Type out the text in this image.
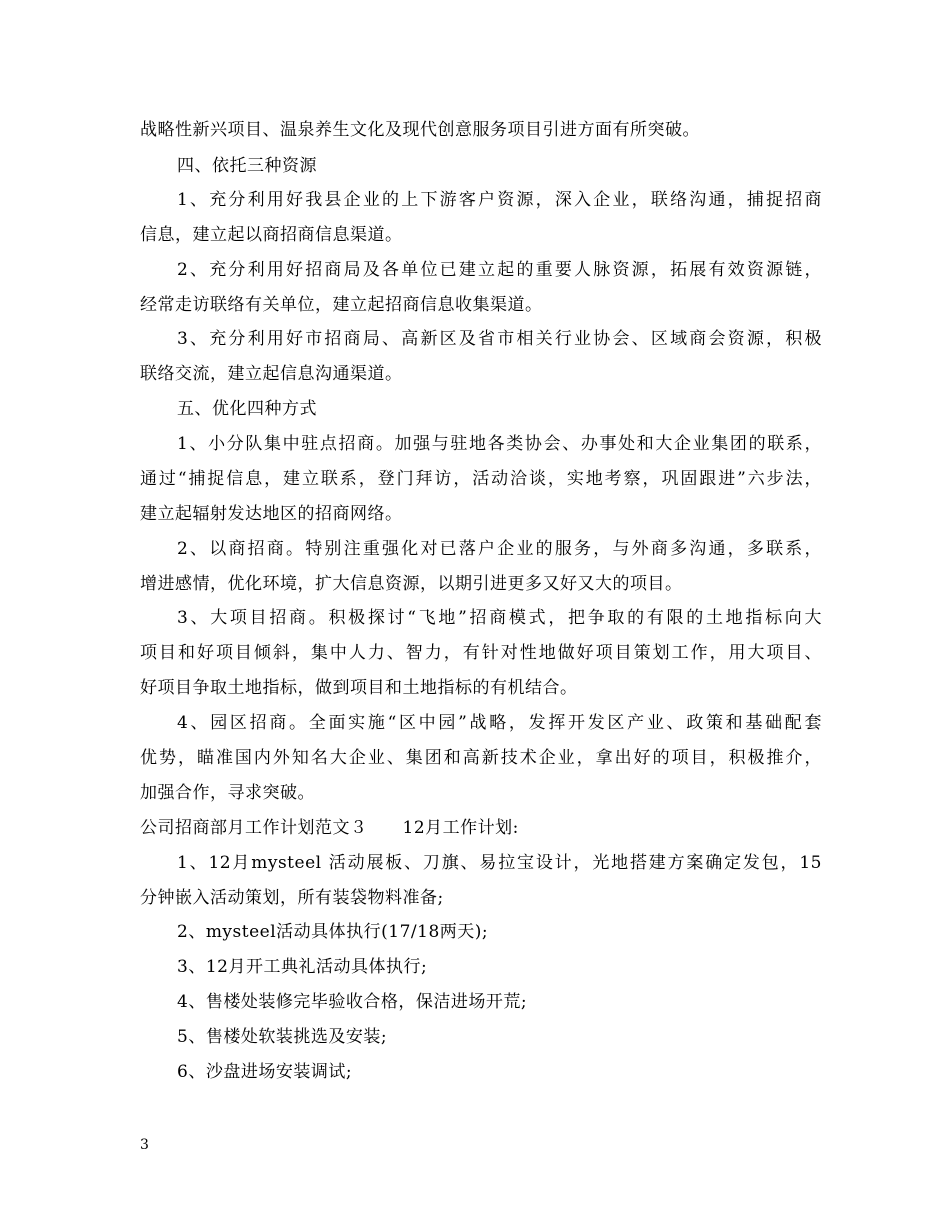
战略性新兴项目、温泉养生文化及现代创意服务项目引进方面有所突破。
四、依托三种资源
1、充分利用好我县企业的上下游客户资源，深入企业，联络沟通，捕捉招商
信息，建立起以商招商信息渠道。
2、充分利用好招商局及各单位已建立起的重要人脉资源，拓展有效资源链，
经常走访联络有关单位，建立起招商信息收集渠道。
3、充分利用好市招商局、高新区及省市相关行业协会、区域商会资源，积极
联络交流，建立起信息沟通渠道。
五、优化四种方式
1、小分队集中驻点招商。加强与驻地各类协会、办事处和大企业集团的联系，
通过“捕捉信息，建立联系，登门拜访，活动洽谈，实地考察，巩固跟进”六步法，
建立起辐射发达地区的招商网络。
2、以商招商。特别注重强化对已落户企业的服务，与外商多沟通，多联系，
增进感情，优化环境，扩大信息资源，以期引进更多又好又大的项目。
3、大项目招商。积极探讨“飞地”招商模式，把争取的有限的土地指标向大
项目和好项目倾斜，集中人力、智力，有针对性地做好项目策划工作，用大项目、
好项目争取土地指标，做到项目和土地指标的有机结合。
4、园区招商。全面实施“区中园”战略，发挥开发区产业、政策和基础配套
优势，瞄准国内外知名大企业、集团和高新技术企业，拿出好的项目，积极推介，
加强合作，寻求突破。
公司招商部月工作计划范文３　　12月工作计划:
1、12月mysteel 活动展板、刀旗、易拉宝设计，光地搭建方案确定发包，15
分钟嵌入活动策划，所有装袋物料准备;
2、mysteel活动具体执行(17/18两天);
3、12月开工典礼活动具体执行;
4、售楼处装修完毕验收合格，保洁进场开荒;
5、售楼处软装挑选及安装;
6、沙盘进场安装调试;
3
